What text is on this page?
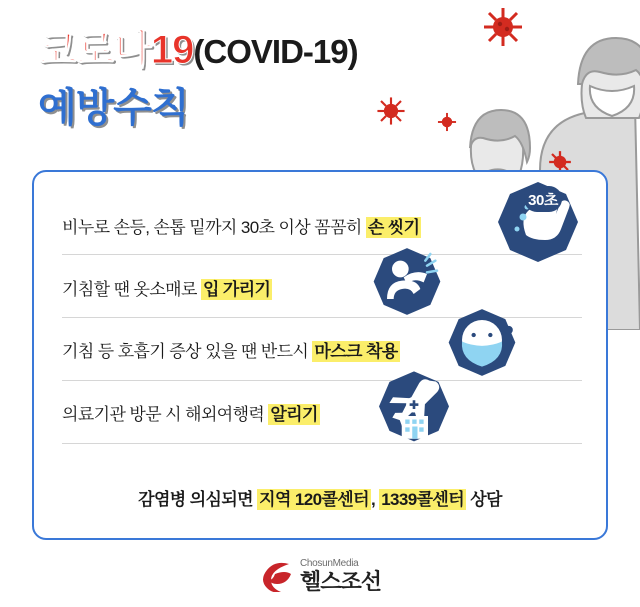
코로나19(COVID-19)
예방수칙
비누로 손등, 손톱 밑까지 30초 이상 꼼꼼히 손 씻기
기침할 땐 옷소매로 입 가리기
기침 등 호흡기 증상 있을 땐 반드시 마스크 착용
의료기관 방문 시 해외여행력 알리기
30초
감염병 의심되면 지역 120콜센터 , 1339콜센터 상담
ChosunMedia
헬스조선
